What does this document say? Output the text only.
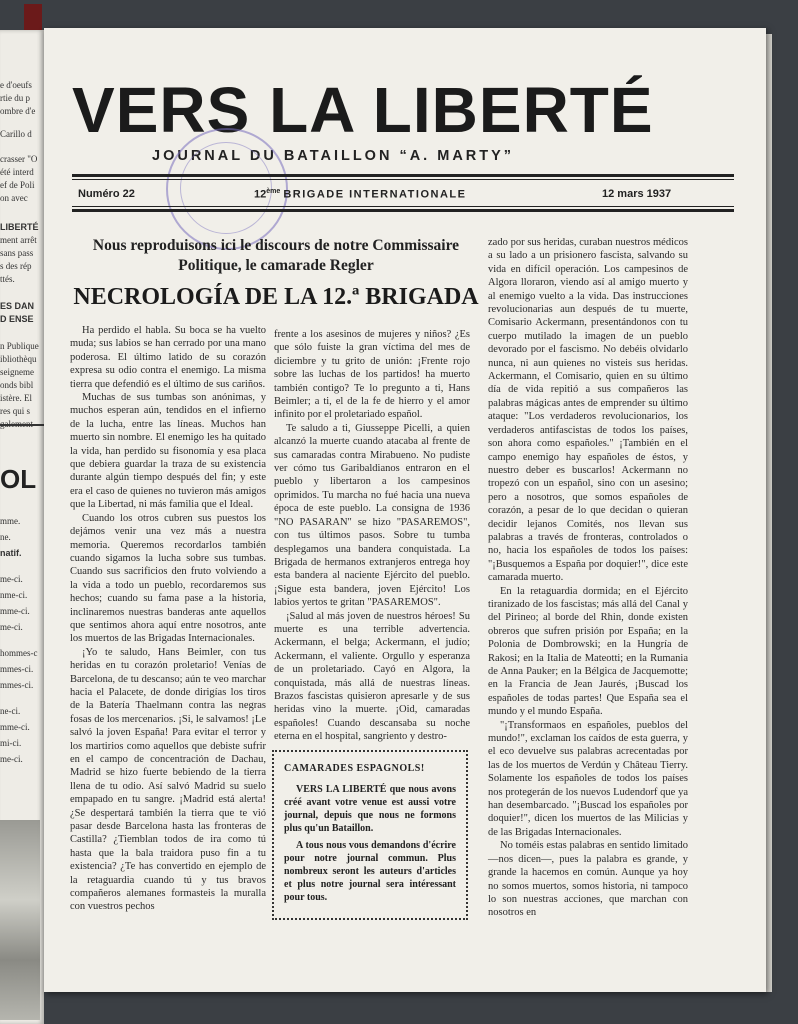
e d'oeufs
rtie du p
ombre d'e
Carillo d
crasser "O
été interd
ef de Poli
on avec
LIBERTÉ
ment arrêt
sans pass
s des rép
ttés.
ES DAN
D ENSE
n Publique
ibliothèqu
seigneme
onds bibl
istère. El
res qui s
OL
mme.
ne.
natif.
me-ci.
nme-ci.
mme-ci.
me-ci.
hommes-c
mmes-ci.
mmes-ci.
ne-ci.
mme-ci.
mi-ci.
me-ci.
VERS LA LIBERTÉ
JOURNAL DU BATAILLON “A. MARTY”
Numéro 22	12ème BRIGADE INTERNATIONALE	12 mars 1937
Nous reproduisons ici le discours de notre Commissaire Politique, le camarade Regler
NECROLOGÍA DE LA 12.ª BRIGADA

Ha perdido el habla. Su boca se ha vuelto muda; sus labios se han cerrado por una mano poderosa. El último latido de su corazón expresa su odio contra el enemigo. La misma tierra que defendió es el último de sus cariños.

Muchas de sus tumbas son anónimas, y muchos esperan aún, tendidos en el infierno de la lucha, entre las líneas. Muchos han muerto sin nombre. El enemigo les ha quitado la vida, han perdido su fisonomía y esa placa que debiera guardar la traza de su existencia durante algún tiempo después del fin; y este era el caso de quienes no tuvieron más amigos que la Libertad, ni más familia que el Ideal.

Cuando los otros cubren sus puestos los dejámos venir una vez más a nuestra memoria. Queremos recordarlos también cuando sigamos la lucha sobre sus tumbas. Cuando sus sacrificios den fruto volviendo a la vida a todo un pueblo, recordaremos sus hechos; cuando su fama pase a la historia, inclinaremos nuestras banderas ante aquellos que sentimos ahora aquí entre nosotros, ante los muertos de las Brigadas Internacionales.

¡Yo te saludo, Hans Beimler, con tus heridas en tu corazón proletario! Venías de Barcelona, de tu descanso; aún te veo marchar hacia el Palacete, de donde dirigías los tiros de la Batería Thaelmann contra las negras fosas de los mercenarios. ¡Si, le salvamos! ¡Le salvó la joven España! Para evitar el terror y los martirios como aquellos que debiste sufrir en el campo de concentración de Dachau, Madrid se hizo fuerte bebiendo de la tierra llena de tu odio. Así salvó Madrid su suelo empapado en tu sangre. ¡Madrid está alerta! ¿Se despertará también la tierra que te vió pasar desde Barcelona hasta las fronteras de Castilla? ¿Tiemblan todos de ira como tú hasta que la bala traidora puso fin a tu existencia? ¿Te has convertido en ejemplo de la retaguardia cuando tú y tus bravos compañeros alemanes formasteis la muralla con vuestros pechos

frente a los asesinos de mujeres y niños? ¿Es que sólo fuiste la gran víctima del mes de diciembre y tu grito de unión: ¡Frente rojo sobre las luchas de los partidos! ha muerto también contigo? Te lo pregunto a ti, Hans Beimler; a ti, el de la fe de hierro y el amor infinito por el proletariado español.

Te saludo a ti, Giusseppe Picelli, a quien alcanzó la muerte cuando atacaba al frente de sus camaradas contra Mirabueno. No pudiste ver cómo tus Garibaldianos entraron en el pueblo y libertaron a los campesinos oprimidos. Tu marcha no fué hacia una nueva época de este pueblo. La consigna de 1936 "NO PASARAN" se hizo "PASAREMOS", con tus últimos pasos. Sobre tu tumba desplegamos una bandera conquistada. La Brigada de hermanos extranjeros entrega hoy esta bandera al naciente Ejército del pueblo. ¡Sigue esta bandera, joven Ejército! Los labios yertos te gritan "PASAREMOS".

¡Salud al más joven de nuestros héroes! Su muerte es una terrible advertencia. Ackermann, el belga; Ackermann, el judío; Ackermann, el valiente. Orgullo y esperanza de un proletariado. Cayó en Algora, la conquistada, más allá de nuestras líneas. Brazos fascistas quisieron apresarle y de sus heridas vino la muerte. ¡Oid, camaradas españoles! Cuando descansaba su noche eterna en el hospital, sangriento y destro-

zado por sus heridas, curaban nuestros médicos a su lado a un prisionero fascista, salvando su vida en difícil operación. Los campesinos de Algora lloraron, viendo así al amigo muerto y al enemigo vuelto a la vida. Das instrucciones revolucionarias aun después de tu muerte, Comisario Ackermann, presentándonos con tu cuerpo mutilado la imagen de un pueblo devorado por el fascismo. No debéis olvidarlo nunca, ni aun quienes no visteis sus heridas. Ackermann, el Comisario, quien en su último día de vida repitió a sus compañeros las palabras mágicas antes de emprender su último ataque: "Los verdaderos revolucionarios, los verdaderos antifascistas de todos los países, son ahora como españoles." ¡También en el campo enemigo hay españoles de éstos, y nuestro deber es buscarlos! Ackermann no tropezó con un español, sino con un asesino; pero a nosotros, que somos españoles de corazón, a pesar de lo que decidan o quieran decidir lejanos Comités, nos llevan sus palabras a través de fronteras, controlados o no, hacia los españoles de todos los países: "¡Busquemos a España por doquier!", dice este camarada muerto.

En la retaguardia dormida; en el Ejército tiranizado de los fascistas; más allá del Canal y del Pirineo; al borde del Rhin, donde existen obreros que sufren prisión por España; en la Polonia de Dombrowski; en la Hungría de Rakosi; en la Italia de Mateotti; en la Rumania de Anna Pauker; en la Bélgica de Jacquemotte; en la Francia de Jean Jaurés, ¡Buscad los españoles de todas partes! Que España sea el mundo y el mundo España.

"¡Transformaos en españoles, pueblos del mundo!", exclaman los caídos de esta guerra, y el eco devuelve sus palabras acrecentadas por las de los muertos de Verdún y Château Tierry. Solamente los españoles de todos los países nos protegerán de los nuevos Ludendorf que ya han desembarcado. "¡Buscad los españoles por doquier!", dicen los muertos de las Milicias y de las Brigadas Internacionales.

No toméis estas palabras en sentido limitado—nos dicen—, pues la palabra es grande, y grande la hacemos en común. Aunque ya hoy no somos muertos, somos historia, ni tampoco lo son nuestras acciones, que marchan con nosotros en

CAMARADES ESPAGNOLS!

VERS LA LIBERTÉ que nous avons créé avant votre venue est aussi votre journal, depuis que nous ne formons plus qu'un Bataillon.

A tous nous vous demandons d'écrire pour notre journal commun. Plus nombreux seront les auteurs d'articles et plus notre journal sera intéressant pour tous.
